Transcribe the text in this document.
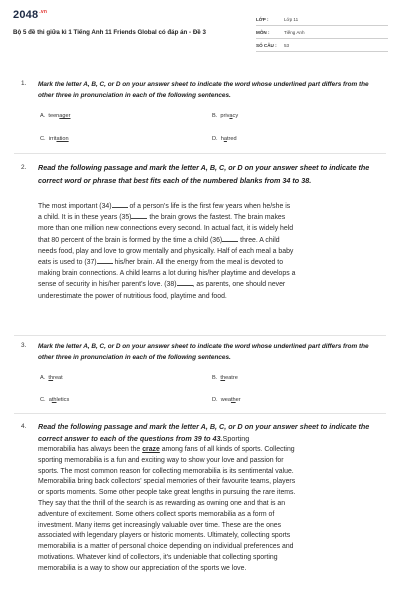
$2048^{.vn}$
Bộ 5 đề thi giữa kì 1 Tiếng Anh 11 Friends Global có đáp án - Đề 3
LỚP :	Lớp 11
MÔN :	Tiếng Anh
SỐ CÂU : 53
1. Mark the letter A, B, C, or D on your answer sheet to indicate the word whose underlined part differs from the other three in pronunciation in each of the following sentences.
A. teenager	B. privacy
C. irritation	D. hatred
2. Read the following passage and mark the letter A, B, C, or D on your answer sheet to indicate the correct word or phrase that best fits each of the numbered blanks from 34 to 38.
The most important (34) of a person’s life is the first few years when he/she is
a child. It is in these years (35) the brain grows the fastest. The brain makes
more than one million new connections every second. In actual fact, it is widely held
that 80 percent of the brain is formed by the time a child (36) three. A child
needs food, play and love to grow mentally and physically. Half of each meal a baby
eats is used to (37) his/her brain. All the energy from the meal is devoted to
making brain connections. A child learns a lot during his/her playtime and develops a
sense of security in his/her parent’s love. (38) , as parents, one should never
underestimate the power of nutritious food, playtime and food.
3. Mark the letter A, B, C, or D on your answer sheet to indicate the word whose underlined part differs from the other three in pronunciation in each of the following sentences.
A. threat	B. theatre
C. athletics	D. weather
4. Read the following passage and mark the letter A, B, C, or D on your answer sheet to indicate the correct answer to each of the questions from 39 to 43.Sporting
memorabilia has always been the craze among fans of all kinds of sports. Collecting
sporting memorabilia is a fun and exciting way to show your love and passion for
sports. The most common reason for collecting memorabilia is its sentimental value.
Memorabilia bring back collectors' special memories of their favourite teams, players
or sports moments. Some other people take great lengths in pursuing the rare items.
They say that the thrill of the search is as rewarding as owning one and that is an
adventure of excitement. Some others collect sports memorabilia as a form of
investment. Many items get increasingly valuable over time. These are the ones
associated with legendary players or historic moments. Ultimately, collecting sports
memorabilia is a matter of personal choice depending on individual preferences and
motivations. Whatever kind of collectors, it's undeniable that collecting sporting
memorabilia is a way to show our appreciation of the sports we love.
